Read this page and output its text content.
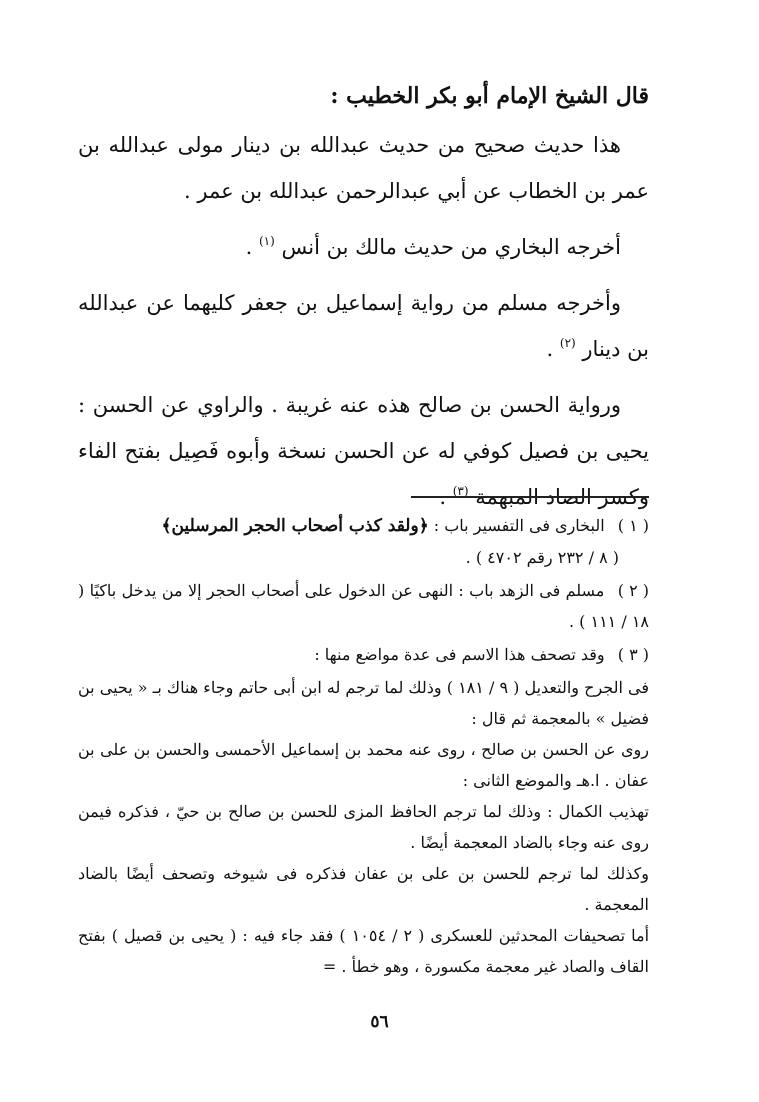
قال الشيخ الإمام أبو بكر الخطيب :

هذا حديث صحيح من حديث عبدالله بن دينار مولى عبدالله بن عمر بن الخطاب عن أبي عبدالرحمن عبدالله بن عمر .

أخرجه البخاري من حديث مالك بن أنس $^{(١)}$ .

وأخرجه مسلم من رواية إسماعيل بن جعفر كليهما عن عبدالله بن دينار $^{(٢)}$ .

ورواية الحسن بن صالح هذه عنه غريبة . والراوي عن الحسن : يحيى بن فصيل كوفي له عن الحسن نسخة وأبوه فَصِيل بفتح الفاء وكسر الصاد المبهمة $^{(٣)}$ .

( ١ ) البخارى فى التفسير باب : ﴿ولقد كذب أصحاب الحجر المرسلين﴾
( ٨ / ٢٣٢ رقم ٤٧٠٢ ) .

( ٢ ) مسلم فى الزهد باب : النهى عن الدخول على أصحاب الحجر إلا من يدخل باكيًا ( ١٨ / ١١١ ) .

( ٣ ) وقد تصحف هذا الاسم فى عدة مواضع منها :

فى الجرح والتعديل ( ٩ / ١٨١ ) وذلك لما ترجم له ابن أبى حاتم وجاء هناك بـ « يحيى بن فضيل » بالمعجمة ثم قال :

روى عن الحسن بن صالح ، روى عنه محمد بن إسماعيل الأحمسى والحسن بن على بن عفان . ا.هـ والموضع الثانى :

تهذيب الكمال : وذلك لما ترجم الحافظ المزى للحسن بن صالح بن حيّ ، فذكره فيمن روى عنه وجاء بالضاد المعجمة أيضًا .

وكذلك لما ترجم للحسن بن على بن عفان فذكره فى شيوخه وتصحف أيضًا بالضاد المعجمة .

أما تصحيفات المحدثين للعسكرى ( ٢ / ١٠٥٤ ) فقد جاء فيه : ( يحيى بن قصيل ) بفتح القاف والصاد غير معجمة مكسورة ، وهو خطأ . =

٥٦
